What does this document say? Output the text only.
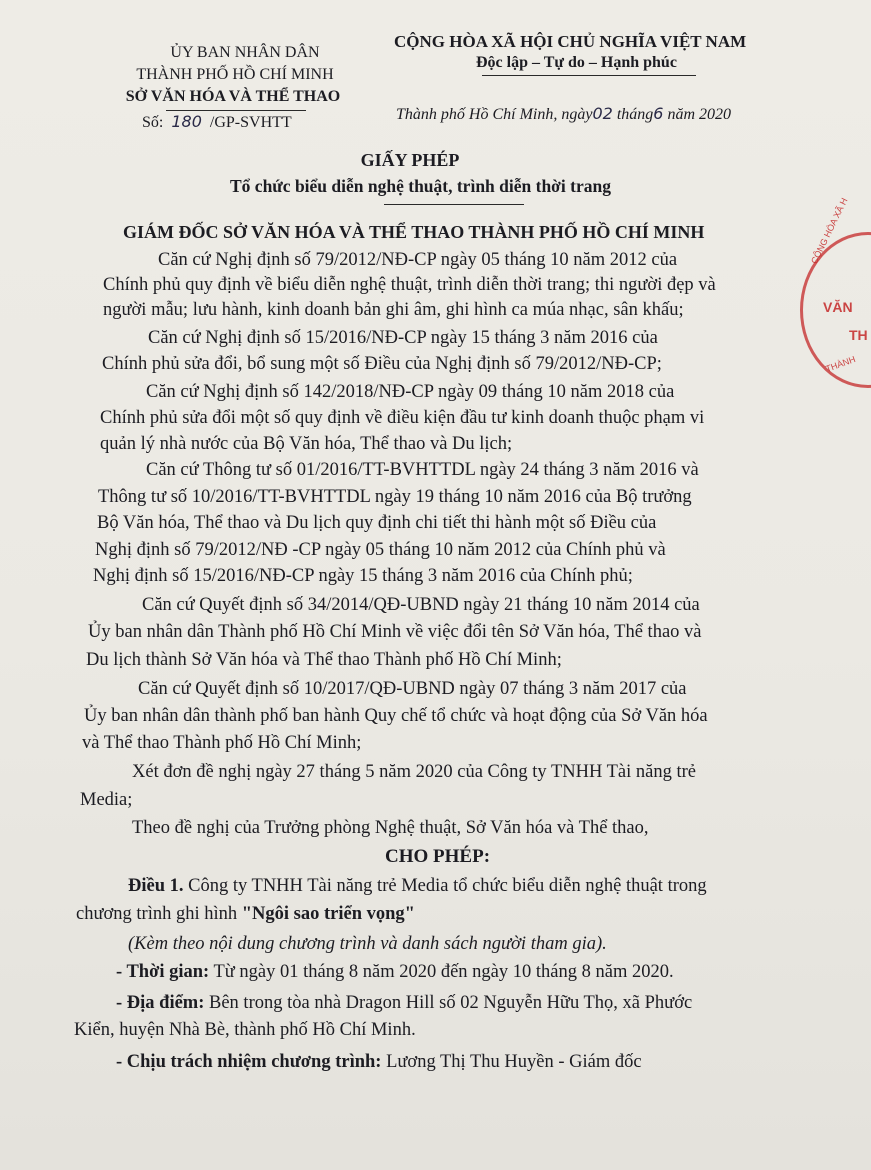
ỦY BAN NHÂN DÂN
THÀNH PHỐ HỒ CHÍ MINH
SỞ VĂN HÓA VÀ THỂ THAO
Số: 180 /GP-SVHTT
CỘNG HÒA XÃ HỘI CHỦ NGHĨA VIỆT NAM
Độc lập – Tự do – Hạnh phúc
Thành phố Hồ Chí Minh, ngày02 tháng6 năm 2020
GIẤY PHÉP
Tổ chức biểu diễn nghệ thuật, trình diễn thời trang
GIÁM ĐỐC SỞ VĂN HÓA VÀ THỂ THAO THÀNH PHỐ HỒ CHÍ MINH	CỘNG HÒA XÃ H
VĂN
TH
THÀNH
Căn cứ Nghị định số 79/2012/NĐ-CP ngày 05 tháng 10 năm 2012 của
Chính phủ quy định về biểu diễn nghệ thuật, trình diễn thời trang; thi người đẹp và
người mẫu; lưu hành, kinh doanh bản ghi âm, ghi hình ca múa nhạc, sân khấu;
Căn cứ Nghị định số 15/2016/NĐ-CP ngày 15 tháng 3 năm 2016 của
Chính phủ sửa đổi, bổ sung một số Điều của Nghị định số 79/2012/NĐ-CP;
Căn cứ Nghị định số 142/2018/NĐ-CP ngày 09 tháng 10 năm 2018 của
Chính phủ sửa đổi một số quy định về điều kiện đầu tư kinh doanh thuộc phạm vi
quản lý nhà nước của Bộ Văn hóa, Thể thao và Du lịch;
Căn cứ Thông tư số 01/2016/TT-BVHTTDL ngày 24 tháng 3 năm 2016 và
Thông tư số 10/2016/TT-BVHTTDL ngày 19 tháng 10 năm 2016 của Bộ trưởng
Bộ Văn hóa, Thể thao và Du lịch quy định chi tiết thi hành một số Điều của
Nghị định số 79/2012/NĐ -CP ngày 05 tháng 10 năm 2012 của Chính phủ và
Nghị định số 15/2016/NĐ-CP ngày 15 tháng 3 năm 2016 của Chính phủ;
Căn cứ Quyết định số 34/2014/QĐ-UBND ngày 21 tháng 10 năm 2014 của
Ủy ban nhân dân Thành phố Hồ Chí Minh về việc đổi tên Sở Văn hóa, Thể thao và
Du lịch thành Sở Văn hóa và Thể thao Thành phố Hồ Chí Minh;
Căn cứ Quyết định số 10/2017/QĐ-UBND ngày 07 tháng 3 năm 2017 của
Ủy ban nhân dân thành phố ban hành Quy chế tổ chức và hoạt động của Sở Văn hóa
và Thể thao Thành phố Hồ Chí Minh;
Xét đơn đề nghị ngày 27 tháng 5 năm 2020 của Công ty TNHH Tài năng trẻ
Media;
Theo đề nghị của Trưởng phòng Nghệ thuật, Sở Văn hóa và Thể thao,
CHO PHÉP:
Điều 1. Công ty TNHH Tài năng trẻ Media tổ chức biểu diễn nghệ thuật trong
chương trình ghi hình "Ngôi sao triển vọng"
(Kèm theo nội dung chương trình và danh sách người tham gia).
- Thời gian: Từ ngày 01 tháng 8 năm 2020 đến ngày 10 tháng 8 năm 2020.
- Địa điểm: Bên trong tòa nhà Dragon Hill số 02 Nguyễn Hữu Thọ, xã Phước
Kiển, huyện Nhà Bè, thành phố Hồ Chí Minh.
- Chịu trách nhiệm chương trình: Lương Thị Thu Huyền - Giám đốc
